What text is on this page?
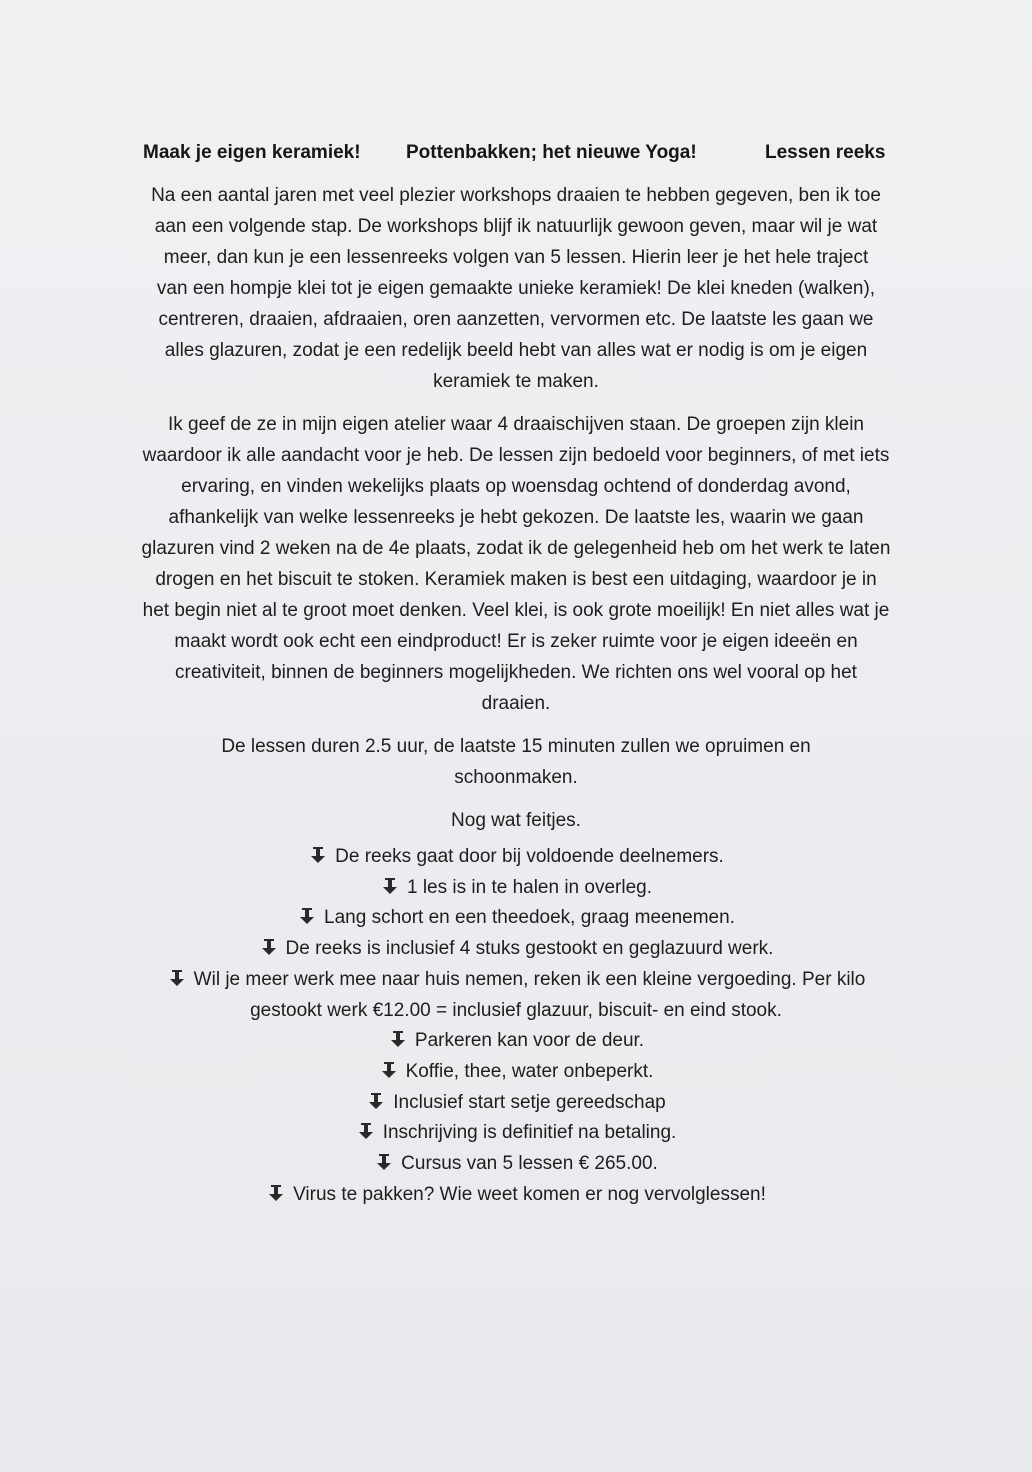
Maak je eigen keramiek! Pottenbakken; het nieuwe Yoga!	Lessen reeks

Na een aantal jaren met veel plezier workshops draaien te hebben gegeven, ben ik toe aan een volgende stap. De workshops blijf ik natuurlijk gewoon geven, maar wil je wat meer, dan kun je een lessenreeks volgen van 5 lessen. Hierin leer je het hele traject van een hompje klei tot je eigen gemaakte unieke keramiek! De klei kneden (walken), centreren, draaien, afdraaien, oren aanzetten, vervormen etc. De laatste les gaan we alles glazuren, zodat je een redelijk beeld hebt van alles wat er nodig is om je eigen keramiek te maken.

Ik geef de ze in mijn eigen atelier waar 4 draaischijven staan. De groepen zijn klein waardoor ik alle aandacht voor je heb. De lessen zijn bedoeld voor beginners, of met iets ervaring, en vinden wekelijks plaats op woensdag ochtend of donderdag avond, afhankelijk van welke lessenreeks je hebt gekozen. De laatste les, waarin we gaan glazuren vind 2 weken na de 4e plaats, zodat ik de gelegenheid heb om het werk te laten drogen en het biscuit te stoken. Keramiek maken is best een uitdaging, waardoor je in het begin niet al te groot moet denken. Veel klei, is ook grote moeilijk! En niet alles wat je maakt wordt ook echt een eindproduct! Er is zeker ruimte voor je eigen ideeën en creativiteit, binnen de beginners mogelijkheden. We richten ons wel vooral op het draaien.

De lessen duren 2.5 uur, de laatste 15 minuten zullen we opruimen en schoonmaken.

Nog wat feitjes.

De reeks gaat door bij voldoende deelnemers.
1 les is in te halen in overleg.
Lang schort en een theedoek, graag meenemen.
De reeks is inclusief 4 stuks gestookt en geglazuurd werk.
Wil je meer werk mee naar huis nemen, reken ik een kleine vergoeding. Per kilo gestookt werk €12.00 = inclusief glazuur, biscuit- en eind stook.
Parkeren kan voor de deur.
Koffie, thee, water onbeperkt.
Inclusief start setje gereedschap
Inschrijving is definitief na betaling.
Cursus van 5 lessen € 265.00.
Virus te pakken? Wie weet komen er nog vervolglessen!
